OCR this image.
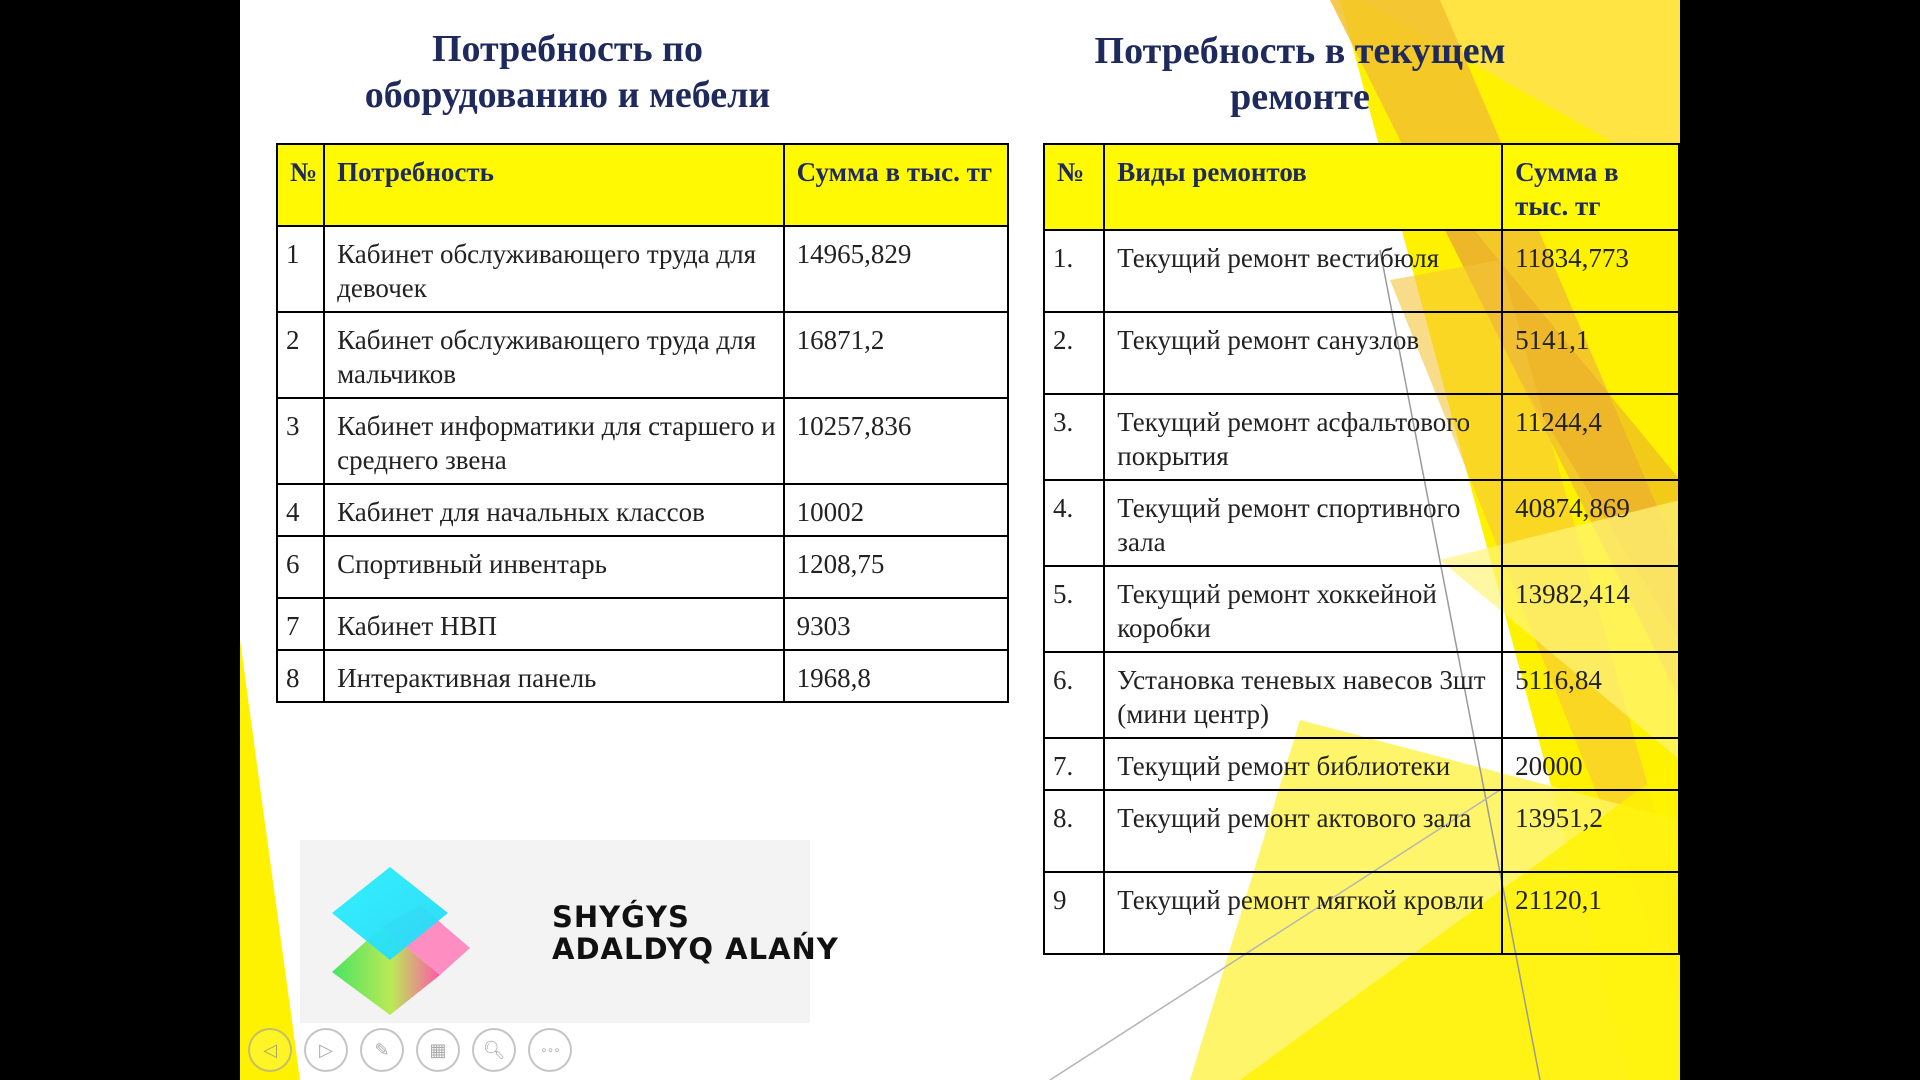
Потребность по
оборудованию и мебели
Потребность в текущем
ремонте
№	Потребность	Сумма в тыс. тг
1	Кабинет обслуживающего труда для девочек	14965,829
2	Кабинет обслуживающего труда для мальчиков	16871,2
3	Кабинет информатики для старшего и среднего звена	10257,836
4	Кабинет для начальных классов	10002
6	Спортивный инвентарь	1208,75
7	Кабинет НВП	9303
8	Интерактивная панель	1968,8
№	Виды ремонтов	Сумма в тыс. тг
1.	Текущий ремонт вестибюля	11834,773
2.	Текущий ремонт санузлов	5141,1
3.	Текущий ремонт асфальтового покрытия	11244,4
4.	Текущий ремонт спортивного зала	40874,869
5.	Текущий ремонт хоккейной коробки	13982,414
6.	Установка теневых навесов 3шт (мини центр)	5116,84
7.	Текущий ремонт библиотеки	20000
8.	Текущий ремонт актового зала	13951,2
9	Текущий ремонт мягкой кровли	21120,1
SHYǴYS
ADALDYQ ALAŃY
◁	▷	✎	▦	🔍︎	∘∘∘
